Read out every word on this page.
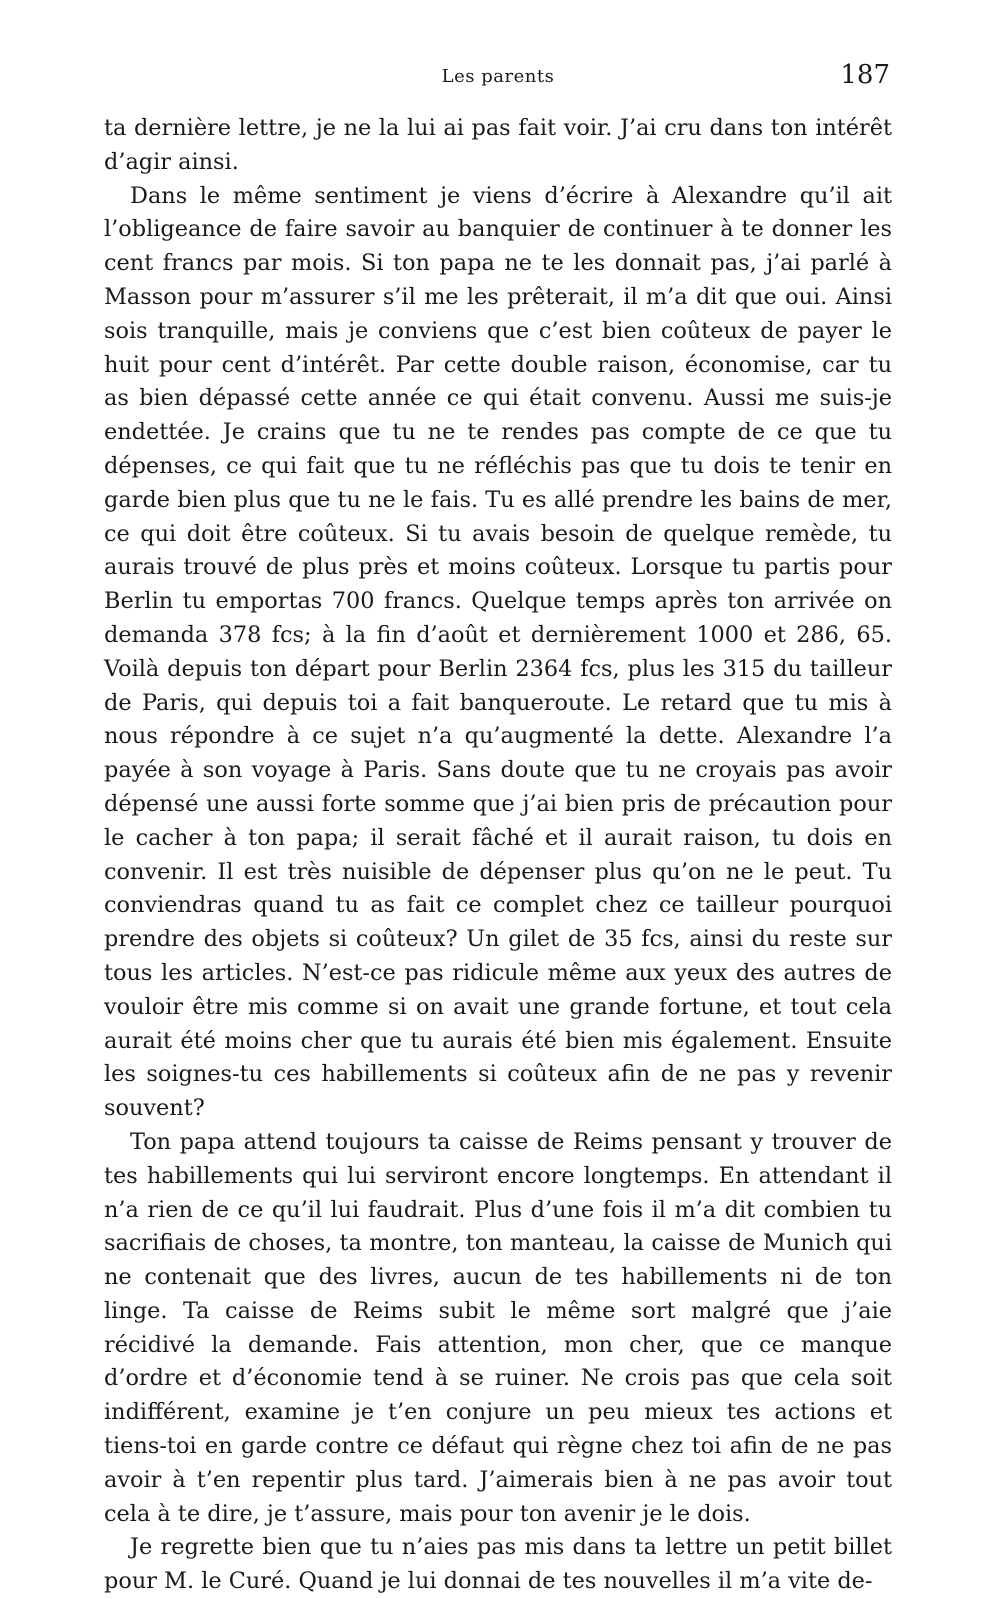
Les parents	187

ta dernière lettre, je ne la lui ai pas fait voir. J’ai cru dans ton intérêt d’agir ainsi.

Dans le même sentiment je viens d’écrire à Alexandre qu’il ait l’obligeance de faire savoir au banquier de continuer à te donner les cent francs par mois. Si ton papa ne te les donnait pas, j’ai parlé à Masson pour m’assurer s’il me les prêterait, il m’a dit que oui. Ainsi sois tranquille, mais je conviens que c’est bien coûteux de payer le huit pour cent d’intérêt. Par cette double raison, économise, car tu as bien dépassé cette année ce qui était convenu. Aussi me suis-je endettée. Je crains que tu ne te rendes pas compte de ce que tu dépenses, ce qui fait que tu ne réfléchis pas que tu dois te tenir en garde bien plus que tu ne le fais. Tu es allé prendre les bains de mer, ce qui doit être coûteux. Si tu avais besoin de quelque remède, tu aurais trouvé de plus près et moins coûteux. Lorsque tu partis pour Berlin tu emportas 700 francs. Quelque temps après ton arrivée on demanda 378 fcs; à la fin d’août et dernièrement 1000 et 286, 65. Voilà depuis ton départ pour Berlin 2364 fcs, plus les 315 du tailleur de Paris, qui depuis toi a fait banqueroute. Le retard que tu mis à nous répondre à ce sujet n’a qu’augmenté la dette. Alexandre l’a payée à son voyage à Paris. Sans doute que tu ne croyais pas avoir dépensé une aussi forte somme que j’ai bien pris de précaution pour le cacher à ton papa; il serait fâché et il aurait raison, tu dois en convenir. Il est très nuisible de dépenser plus qu’on ne le peut. Tu conviendras quand tu as fait ce complet chez ce tailleur pourquoi prendre des objets si coûteux? Un gilet de 35 fcs, ainsi du reste sur tous les articles. N’est-ce pas ridicule même aux yeux des autres de vouloir être mis comme si on avait une grande fortune, et tout cela aurait été moins cher que tu aurais été bien mis également. Ensuite les soignes-tu ces habillements si coûteux afin de ne pas y revenir souvent?

Ton papa attend toujours ta caisse de Reims pensant y trouver de tes habillements qui lui serviront encore longtemps. En attendant il n’a rien de ce qu’il lui faudrait. Plus d’une fois il m’a dit combien tu sacrifiais de choses, ta montre, ton manteau, la caisse de Munich qui ne contenait que des livres, aucun de tes habillements ni de ton linge. Ta caisse de Reims subit le même sort malgré que j’aie récidivé la demande. Fais attention, mon cher, que ce manque d’ordre et d’économie tend à se ruiner. Ne crois pas que cela soit indifférent, examine je t’en conjure un peu mieux tes actions et tiens-toi en garde contre ce défaut qui règne chez toi afin de ne pas avoir à t’en repentir plus tard. J’aimerais bien à ne pas avoir tout cela à te dire, je t’assure, mais pour ton avenir je le dois.

Je regrette bien que tu n’aies pas mis dans ta lettre un petit billet pour M. le Curé. Quand je lui donnai de tes nouvelles il m’a vite de-
